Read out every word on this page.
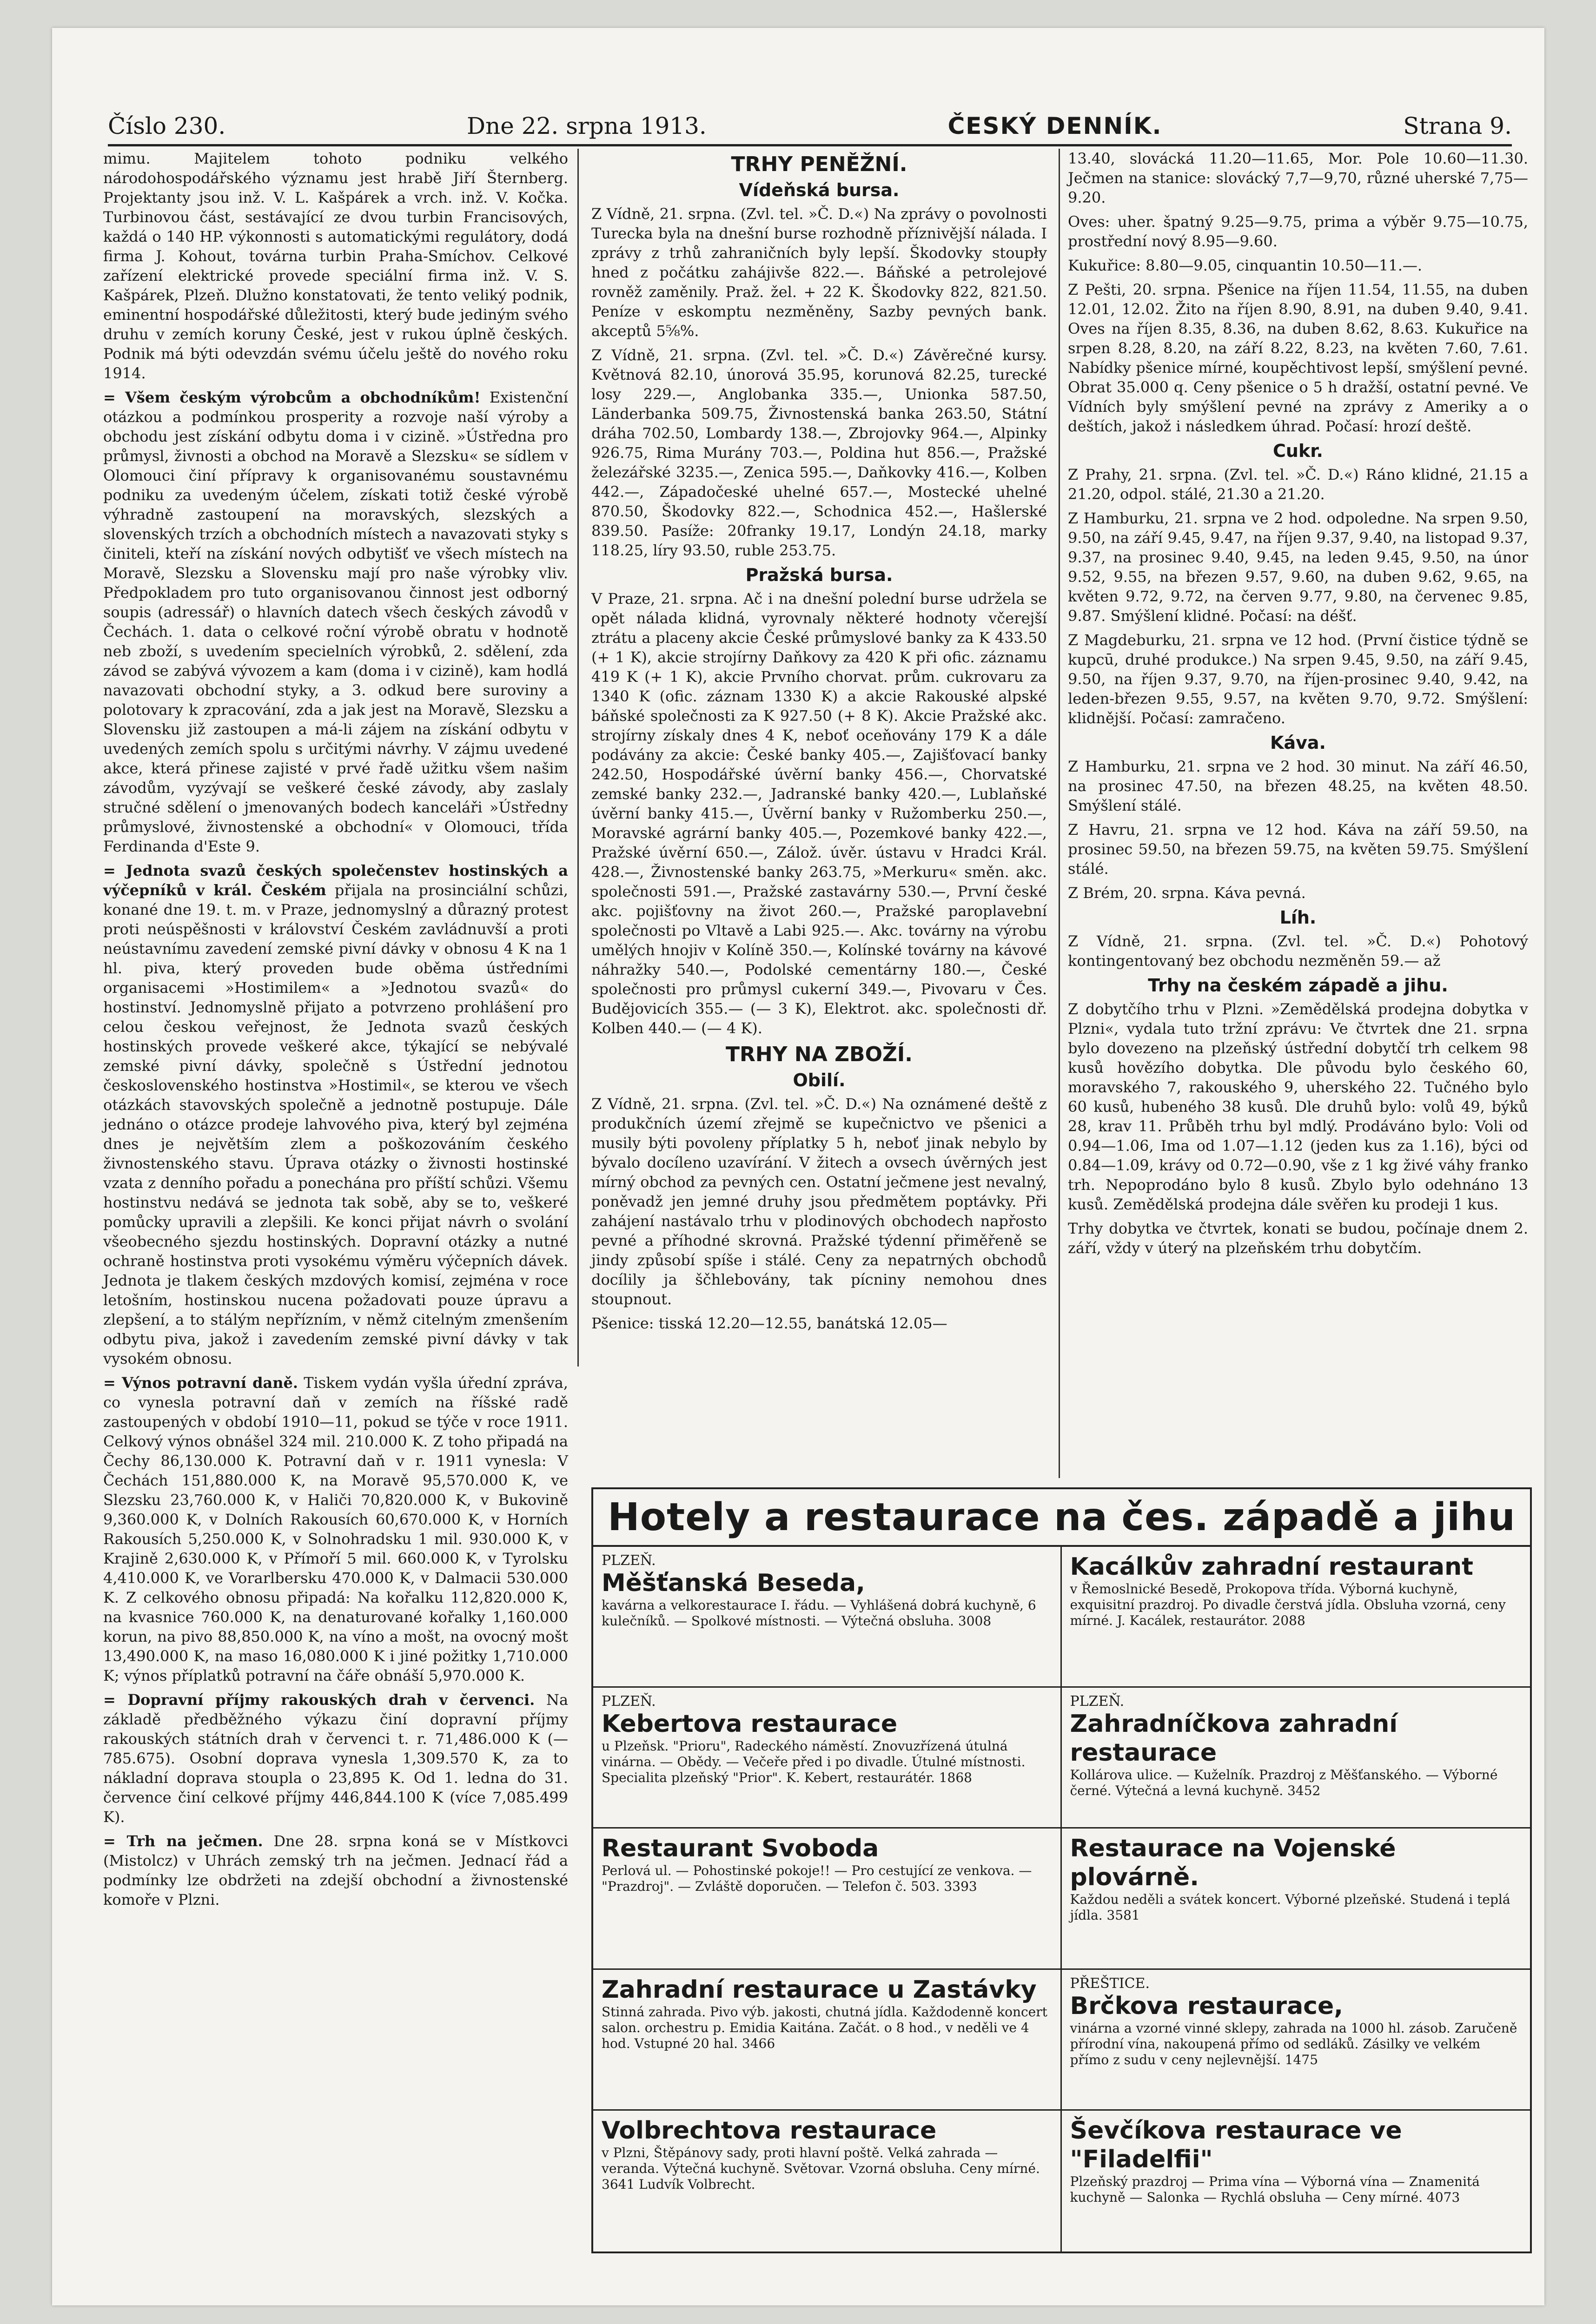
Číslo 230.	Dne 22. srpna 1913.	ČESKÝ DENNÍK.	Strana 9.

mimu. Majitelem tohoto podniku velkého národohospodářského významu jest hrabě Jiří Šternberg. Projektanty jsou inž. V. L. Kašpárek a vrch. inž. V. Kočka. Turbinovou část, sestávající ze dvou turbin Francisových, každá o 140 HP. výkonnosti s automatickými regulátory, dodá firma J. Kohout, továrna turbin Praha-Smíchov. Celkové zařízení elektrické provede speciální firma inž. V. S. Kašpárek, Plzeň. Dlužno konstatovati, že tento veliký podnik, eminentní hospodářské důležitosti, který bude jediným svého druhu v zemích koruny České, jest v rukou úplně českých. Podnik má býti odevzdán svému účelu ještě do nového roku 1914.

= Všem českým výrobcům a obchodníkům! Existenční otázkou a podmínkou prosperity a rozvoje naší výroby a obchodu jest získání odbytu doma i v cizině. »Ústředna pro průmysl, živnosti a obchod na Moravě a Slezsku« se sídlem v Olomouci činí přípravy k organisovanému soustavnému podniku za uvedeným účelem, získati totiž české výrobě výhradně zastoupení na moravských, slezských a slovenských trzích a obchodních místech a navazovati styky s činiteli, kteří na získání nových odbytišť ve všech místech na Moravě, Slezsku a Slovensku mají pro naše výrobky vliv. Předpokladem pro tuto organisovanou činnost jest odborný soupis (adressář) o hlavních datech všech českých závodů v Čechách. 1. data o celkové roční výrobě obratu v hodnotě neb zboží, s uvedením specielních výrobků, 2. sdělení, zda závod se zabývá vývozem a kam (doma i v cizině), kam hodlá navazovati obchodní styky, a 3. odkud bere suroviny a polotovary k zpracování, zda a jak jest na Moravě, Slezsku a Slovensku již zastoupen a má-li zájem na získání odbytu v uvedených zemích spolu s určitými návrhy. V zájmu uvedené akce, která přinese zajisté v prvé řadě užitku všem našim závodům, vyzývají se veškeré české závody, aby zaslaly stručné sdělení o jmenovaných bodech kanceláři »Ústředny průmyslové, živnostenské a obchodní« v Olomouci, třída Ferdinanda d'Este 9.

= Jednota svazů českých společenstev hostinských a výčepníků v král. Českém přijala na prosinciální schůzi, konané dne 19. t. m. v Praze, jednomyslný a důrazný protest proti neúspěšnosti v království Českém zavládnuvší a proti neústavnímu zavedení zemské pivní dávky v obnosu 4 K na 1 hl. piva, který proveden bude oběma ústředními organisacemi »Hostimilem« a »Jednotou svazů« do hostinství. Jednomyslně přijato a potvrzeno prohlášení pro celou českou veřejnost, že Jednota svazů českých hostinských provede veškeré akce, týkající se nebývalé zemské pivní dávky, společně s Ústřední jednotou československého hostinstva »Hostimil«, se kterou ve všech otázkách stavovských společně a jednotně postupuje. Dále jednáno o otázce prodeje lahvového piva, který byl zejména dnes je největším zlem a poškozováním českého živnostenského stavu. Úprava otázky o živnosti hostinské vzata z denního pořadu a ponechána pro příští schůzi. Všemu hostinstvu nedává se jednota tak sobě, aby se to, veškeré pomůcky upravili a zlepšili. Ke konci přijat návrh o svolání všeobecného sjezdu hostinských. Dopravní otázky a nutné ochraně hostinstva proti vysokému výměru výčepních dávek. Jednota je tlakem českých mzdových komisí, zejména v roce letošním, hostinskou nucena požadovati pouze úpravu a zlepšení, a to stálým nepřízním, v němž citelným zmenšením odbytu piva, jakož i zavedením zemské pivní dávky v tak vysokém obnosu.

= Výnos potravní daně. Tiskem vydán vyšla úřední zpráva, co vynesla potravní daň v zemích na říšské radě zastoupených v období 1910—11, pokud se týče v roce 1911. Celkový výnos obnášel 324 mil. 210.000 K. Z toho připadá na Čechy 86,130.000 K. Potravní daň v r. 1911 vynesla: V Čechách 151,880.000 K, na Moravě 95,570.000 K, ve Slezsku 23,760.000 K, v Haliči 70,820.000 K, v Bukovině 9,360.000 K, v Dolních Rakousích 60,670.000 K, v Horních Rakousích 5,250.000 K, v Solnohradsku 1 mil. 930.000 K, v Krajině 2,630.000 K, v Přímoří 5 mil. 660.000 K, v Tyrolsku 4,410.000 K, ve Vorarlbersku 470.000 K, v Dalmacii 530.000 K. Z celkového obnosu připadá: Na kořalku 112,820.000 K, na kvasnice 760.000 K, na denaturované kořalky 1,160.000 korun, na pivo 88,850.000 K, na víno a mošt, na ovocný mošt 13,490.000 K, na maso 16,080.000 K i jiné požitky 1,710.000 K; výnos příplatků potravní na čáře obnáší 5,970.000 K.

= Dopravní příjmy rakouských drah v červenci. Na základě předběžného výkazu činí dopravní příjmy rakouských státních drah v červenci t. r. 71,486.000 K (— 785.675). Osobní doprava vynesla 1,309.570 K, za to nákladní doprava stoupla o 23,895 K. Od 1. ledna do 31. července činí celkové příjmy 446,844.100 K (více 7,085.499 K).

= Trh na ječmen. Dne 28. srpna koná se v Místkovci (Mistolcz) v Uhrách zemský trh na ječmen. Jednací řád a podmínky lze obdržeti na zdejší obchodní a živnostenské komoře v Plzni.

TRHY PENĚŽNÍ.
Vídeňská bursa.

Z Vídně, 21. srpna. (Zvl. tel. »Č. D.«) Na zprávy o povolnosti Turecka byla na dnešní burse rozhodně příznivější nálada. I zprávy z trhů zahraničních byly lepší. Škodovky stoupły hned z počátku zahájivše 822.—. Báňské a petrolejové rovněž zaměnily. Praž. žel. + 22 K. Škodovky 822, 821.50. Peníze v eskomptu nezměněny, Sazby pevných bank. akceptů 5⅝%.

Z Vídně, 21. srpna. (Zvl. tel. »Č. D.«) Závěrečné kursy. Květnová 82.10, únorová 35.95, korunová 82.25, turecké losy 229.—, Anglobanka 335.—, Unionka 587.50, Länderbanka 509.75, Živnostenská banka 263.50, Státní dráha 702.50, Lombardy 138.—, Zbrojovky 964.—, Alpinky 926.75, Rima Murány 703.—, Poldina hut 856.—, Pražské železářské 3235.—, Zenica 595.—, Daňkovky 416.—, Kolben 442.—, Západočeské uhelné 657.—, Mostecké uhelné 870.50, Škodovky 822.—, Schodnica 452.—, Hašlerské 839.50. Pasíže: 20franky 19.17, Londýn 24.18, marky 118.25, líry 93.50, ruble 253.75.

Pražská bursa.

V Praze, 21. srpna. Ač i na dnešní polední burse udržela se opět nálada klidná, vyrovnaly některé hodnoty včerejší ztrátu a placeny akcie České průmyslové banky za K 433.50 (+ 1 K), akcie strojírny Daňkovy za 420 K při ofic. záznamu 419 K (+ 1 K), akcie Prvního chorvat. prům. cukrovaru za 1340 K (ofic. záznam 1330 K) a akcie Rakouské alpské báňské společnosti za K 927.50 (+ 8 K). Akcie Pražské akc. strojírny získaly dnes 4 K, neboť oceňovány 179 K a dále podávány za akcie: České banky 405.—, Zajišťovací banky 242.50, Hospodářské úvěrní banky 456.—, Chorvatské zemské banky 232.—, Jadranské banky 420.—, Lublaňské úvěrní banky 415.—, Úvěrní banky v Ružomberku 250.—, Moravské agrární banky 405.—, Pozemkové banky 422.—, Pražské úvěrní 650.—, Zálož. úvěr. ústavu v Hradci Král. 428.—, Živnostenské banky 263.75, »Merkuru« směn. akc. společnosti 591.—, Pražské zastavárny 530.—, První české akc. pojišťovny na život 260.—, Pražské paroplavební společnosti po Vltavě a Labi 925.—. Akc. továrny na výrobu umělých hnojiv v Kolíně 350.—, Kolínské továrny na kávové náhražky 540.—, Podolské cementárny 180.—, České společnosti pro průmysl cukerní 349.—, Pivovaru v Čes. Budějovicích 355.— (— 3 K), Elektrot. akc. společnosti dř. Kolben 440.— (— 4 K).

TRHY NA ZBOŽÍ.
Obilí.

Z Vídně, 21. srpna. (Zvl. tel. »Č. D.«) Na oznámené deště z produkčních území zřejmě se kupečnictvo ve pšenici a musily býti povoleny příplatky 5 h, neboť jinak nebylo by bývalo docíleno uzavírání. V žitech a ovsech úvěrných jest mírný obchod za pevných cen. Ostatní ječmene jest nevalný, poněvadž jen jemné druhy jsou předmětem poptávky. Při zahájení nastávalo trhu v plodinových obchodech napřosto pevné a příhodné skrovná. Pražské týdenní přiměřeně se jindy způsobí spíše i stálé. Ceny za nepatrných obchodů docílily ja ščhlebovány, tak pícniny nemohou dnes stoupnout.

Pšenice: tisská 12.20—12.55, banátská 12.05—

13.40, slovácká 11.20—11.65, Mor. Pole 10.60—11.30. Ječmen na stanice: slovácký 7,7—9,70, různé uherské 7,75—9.20.

Oves: uher. špatný 9.25—9.75, prima a výběr 9.75—10.75, prostřední nový 8.95—9.60.

Kukuřice: 8.80—9.05, cinquantin 10.50—11.—.

Z Pešti, 20. srpna. Pšenice na říjen 11.54, 11.55, na duben 12.01, 12.02. Žito na říjen 8.90, 8.91, na duben 9.40, 9.41. Oves na říjen 8.35, 8.36, na duben 8.62, 8.63. Kukuřice na srpen 8.28, 8.20, na září 8.22, 8.23, na květen 7.60, 7.61. Nabídky pšenice mírné, koupěchtivost lepší, smýšlení pevné. Obrat 35.000 q. Ceny pšenice o 5 h dražší, ostatní pevné. Ve Vídních byly smýšlení pevné na zprávy z Ameriky a o deštích, jakož i následkem úhrad. Počasí: hrozí deště.

Cukr.

Z Prahy, 21. srpna. (Zvl. tel. »Č. D.«) Ráno klidné, 21.15 a 21.20, odpol. stálé, 21.30 a 21.20.

Z Hamburku, 21. srpna ve 2 hod. odpoledne. Na srpen 9.50, 9.50, na září 9.45, 9.47, na říjen 9.37, 9.40, na listopad 9.37, 9.37, na prosinec 9.40, 9.45, na leden 9.45, 9.50, na únor 9.52, 9.55, na březen 9.57, 9.60, na duben 9.62, 9.65, na květen 9.72, 9.72, na červen 9.77, 9.80, na červenec 9.85, 9.87. Smýšlení klidné. Počasí: na déšť.

Z Magdeburku, 21. srpna ve 12 hod. (První čistice týdně se kupcū, druhé produkce.) Na srpen 9.45, 9.50, na září 9.45, 9.50, na říjen 9.37, 9.70, na říjen-prosinec 9.40, 9.42, na leden-březen 9.55, 9.57, na květen 9.70, 9.72. Smýšlení: klidnější. Počasí: zamračeno.

Káva.

Z Hamburku, 21. srpna ve 2 hod. 30 minut. Na září 46.50, na prosinec 47.50, na březen 48.25, na květen 48.50. Smýšlení stálé.

Z Havru, 21. srpna ve 12 hod. Káva na září 59.50, na prosinec 59.50, na březen 59.75, na květen 59.75. Smýšlení stálé.

Z Brém, 20. srpna. Káva pevná.

Líh.

Z Vídně, 21. srpna. (Zvl. tel. »Č. D.«) Pohotový kontingentovaný bez obchodu nezměněn 59.— až

Trhy na českém západě a jihu.

Z dobytčího trhu v Plzni. »Zemědělská prodejna dobytka v Plzni«, vydala tuto tržní zprávu: Ve čtvrtek dne 21. srpna bylo dovezeno na plzeňský ústřední dobytčí trh celkem 98 kusů hovězího dobytka. Dle původu bylo českého 60, moravského 7, rakouského 9, uherského 22. Tučného bylo 60 kusů, hubeného 38 kusů. Dle druhů bylo: volů 49, býků 28, krav 11. Průběh trhu byl mdlý. Prodáváno bylo: Voli od 0.94—1.06, Ima od 1.07—1.12 (jeden kus za 1.16), býci od 0.84—1.09, krávy od 0.72—0.90, vše z 1 kg živé váhy franko trh. Nepoprodáno bylo 8 kusů. Zbylo bylo odehnáno 13 kusů. Zemědělská prodejna dále svěřen ku prodeji 1 kus.

Trhy dobytka ve čtvrtek, konati se budou, počínaje dnem 2. září, vždy v úterý na plzeňském trhu dobytčím.

Hotely a restaurace na čes. západě a jihu
PLZEŇ.
Měšťanská Beseda,
kavárna a velkorestaurace I. řádu. — Vyhlášená dobrá kuchyně, 6 kulečníků. — Spolkové místnosti. — Výtečná obsluha. 3008
Kacálkův zahradní restaurant
v Řemoslnické Besedě, Prokopova třída. Výborná kuchyně, exquisitní prazdroj. Po divadle čerstvá jídla. Obsluha vzorná, ceny mírné. J. Kacálek, restaurátor. 2088
PLZEŇ.
Kebertova restaurace
u Plzeňsk. "Prioru", Radeckého náměstí. Znovuzřízená útulná vinárna. — Obědy. — Večeře před i po divadle. Útulné místnosti. Specialita plzeňský "Prior". K. Kebert, restaurátér. 1868
PLZEŇ.
Zahradníčkova zahradní restaurace
Kollárova ulice. — Kuželník. Prazdroj z Měšťanského. — Výborné černé. Výtečná a levná kuchyně. 3452
Restaurant Svoboda
Perlová ul. — Pohostinské pokoje!! — Pro cestující ze venkova. — "Prazdroj". — Zvláště doporučen. — Telefon č. 503. 3393
Restaurace na Vojenské plovárně.
Každou neděli a svátek koncert. Výborné plzeňské. Studená i teplá jídla. 3581
Zahradní restaurace u Zastávky
Stinná zahrada. Pivo výb. jakosti, chutná jídla. Každodenně koncert salon. orchestru p. Emidia Kaitána. Začát. o 8 hod., v neděli ve 4 hod. Vstupné 20 hal. 3466
PŘEŠTICE.
Brčkova restaurace,
vinárna a vzorné vinné sklepy, zahrada na 1000 hl. zásob. Zaručeně přírodní vína, nakoupená přímo od sedláků. Zásilky ve velkém přímo z sudu v ceny nejlevnější. 1475
Volbrechtova restaurace
v Plzni, Štěpánovy sady, proti hlavní poště. Velká zahrada — veranda. Výtečná kuchyně. Světovar. Vzorná obsluha. Ceny mírné. 3641 Ludvík Volbrecht.
Ševčíkova restaurace ve "Filadelfii"
Plzeňský prazdroj — Prima vína — Výborná vína — Znamenitá kuchyně — Salonka — Rychlá obsluha — Ceny mírné. 4073
